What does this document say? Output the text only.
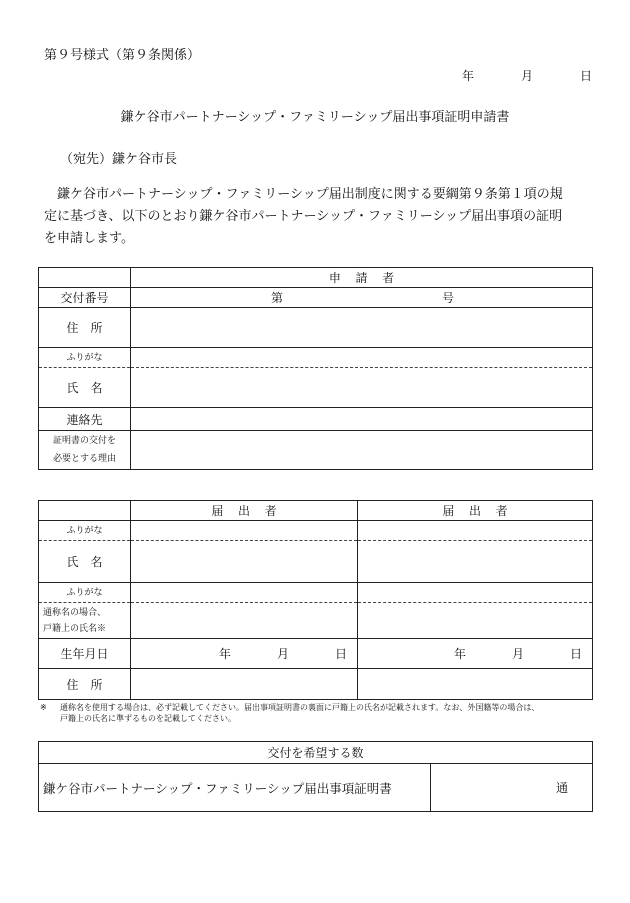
第９号様式（第９条関係）
年	月	日
鎌ケ谷市パートナーシップ・ファミリーシップ届出事項証明申請書
（宛先）鎌ケ谷市長
鎌ケ谷市パートナーシップ・ファミリーシップ届出制度に関する要綱第９条第１項の規
定に基づき、以下のとおり鎌ケ谷市パートナーシップ・ファミリーシップ届出事項の証明
を申請します。
	申 請 者
交付番号	第 号

住　所	
ふりがな	
氏　名	
連絡先	

証明書の交付を
必要とする理由	

	届 出 者	届 出 者
ふりがな		
氏　名		
ふりがな		

通称名の場合、
戸籍上の氏名※		

生年月日	年 月 日	年 月 日

住　所		
※	通称名を使用する場合は、必ず記載してください。届出事項証明書の裏面に戸籍上の氏名が記載されます。なお、外国籍等の場合は、
戸籍上の氏名に準ずるものを記載してください。
交付を希望する数
鎌ケ谷市パートナーシップ・ファミリーシップ届出事項証明書	通
